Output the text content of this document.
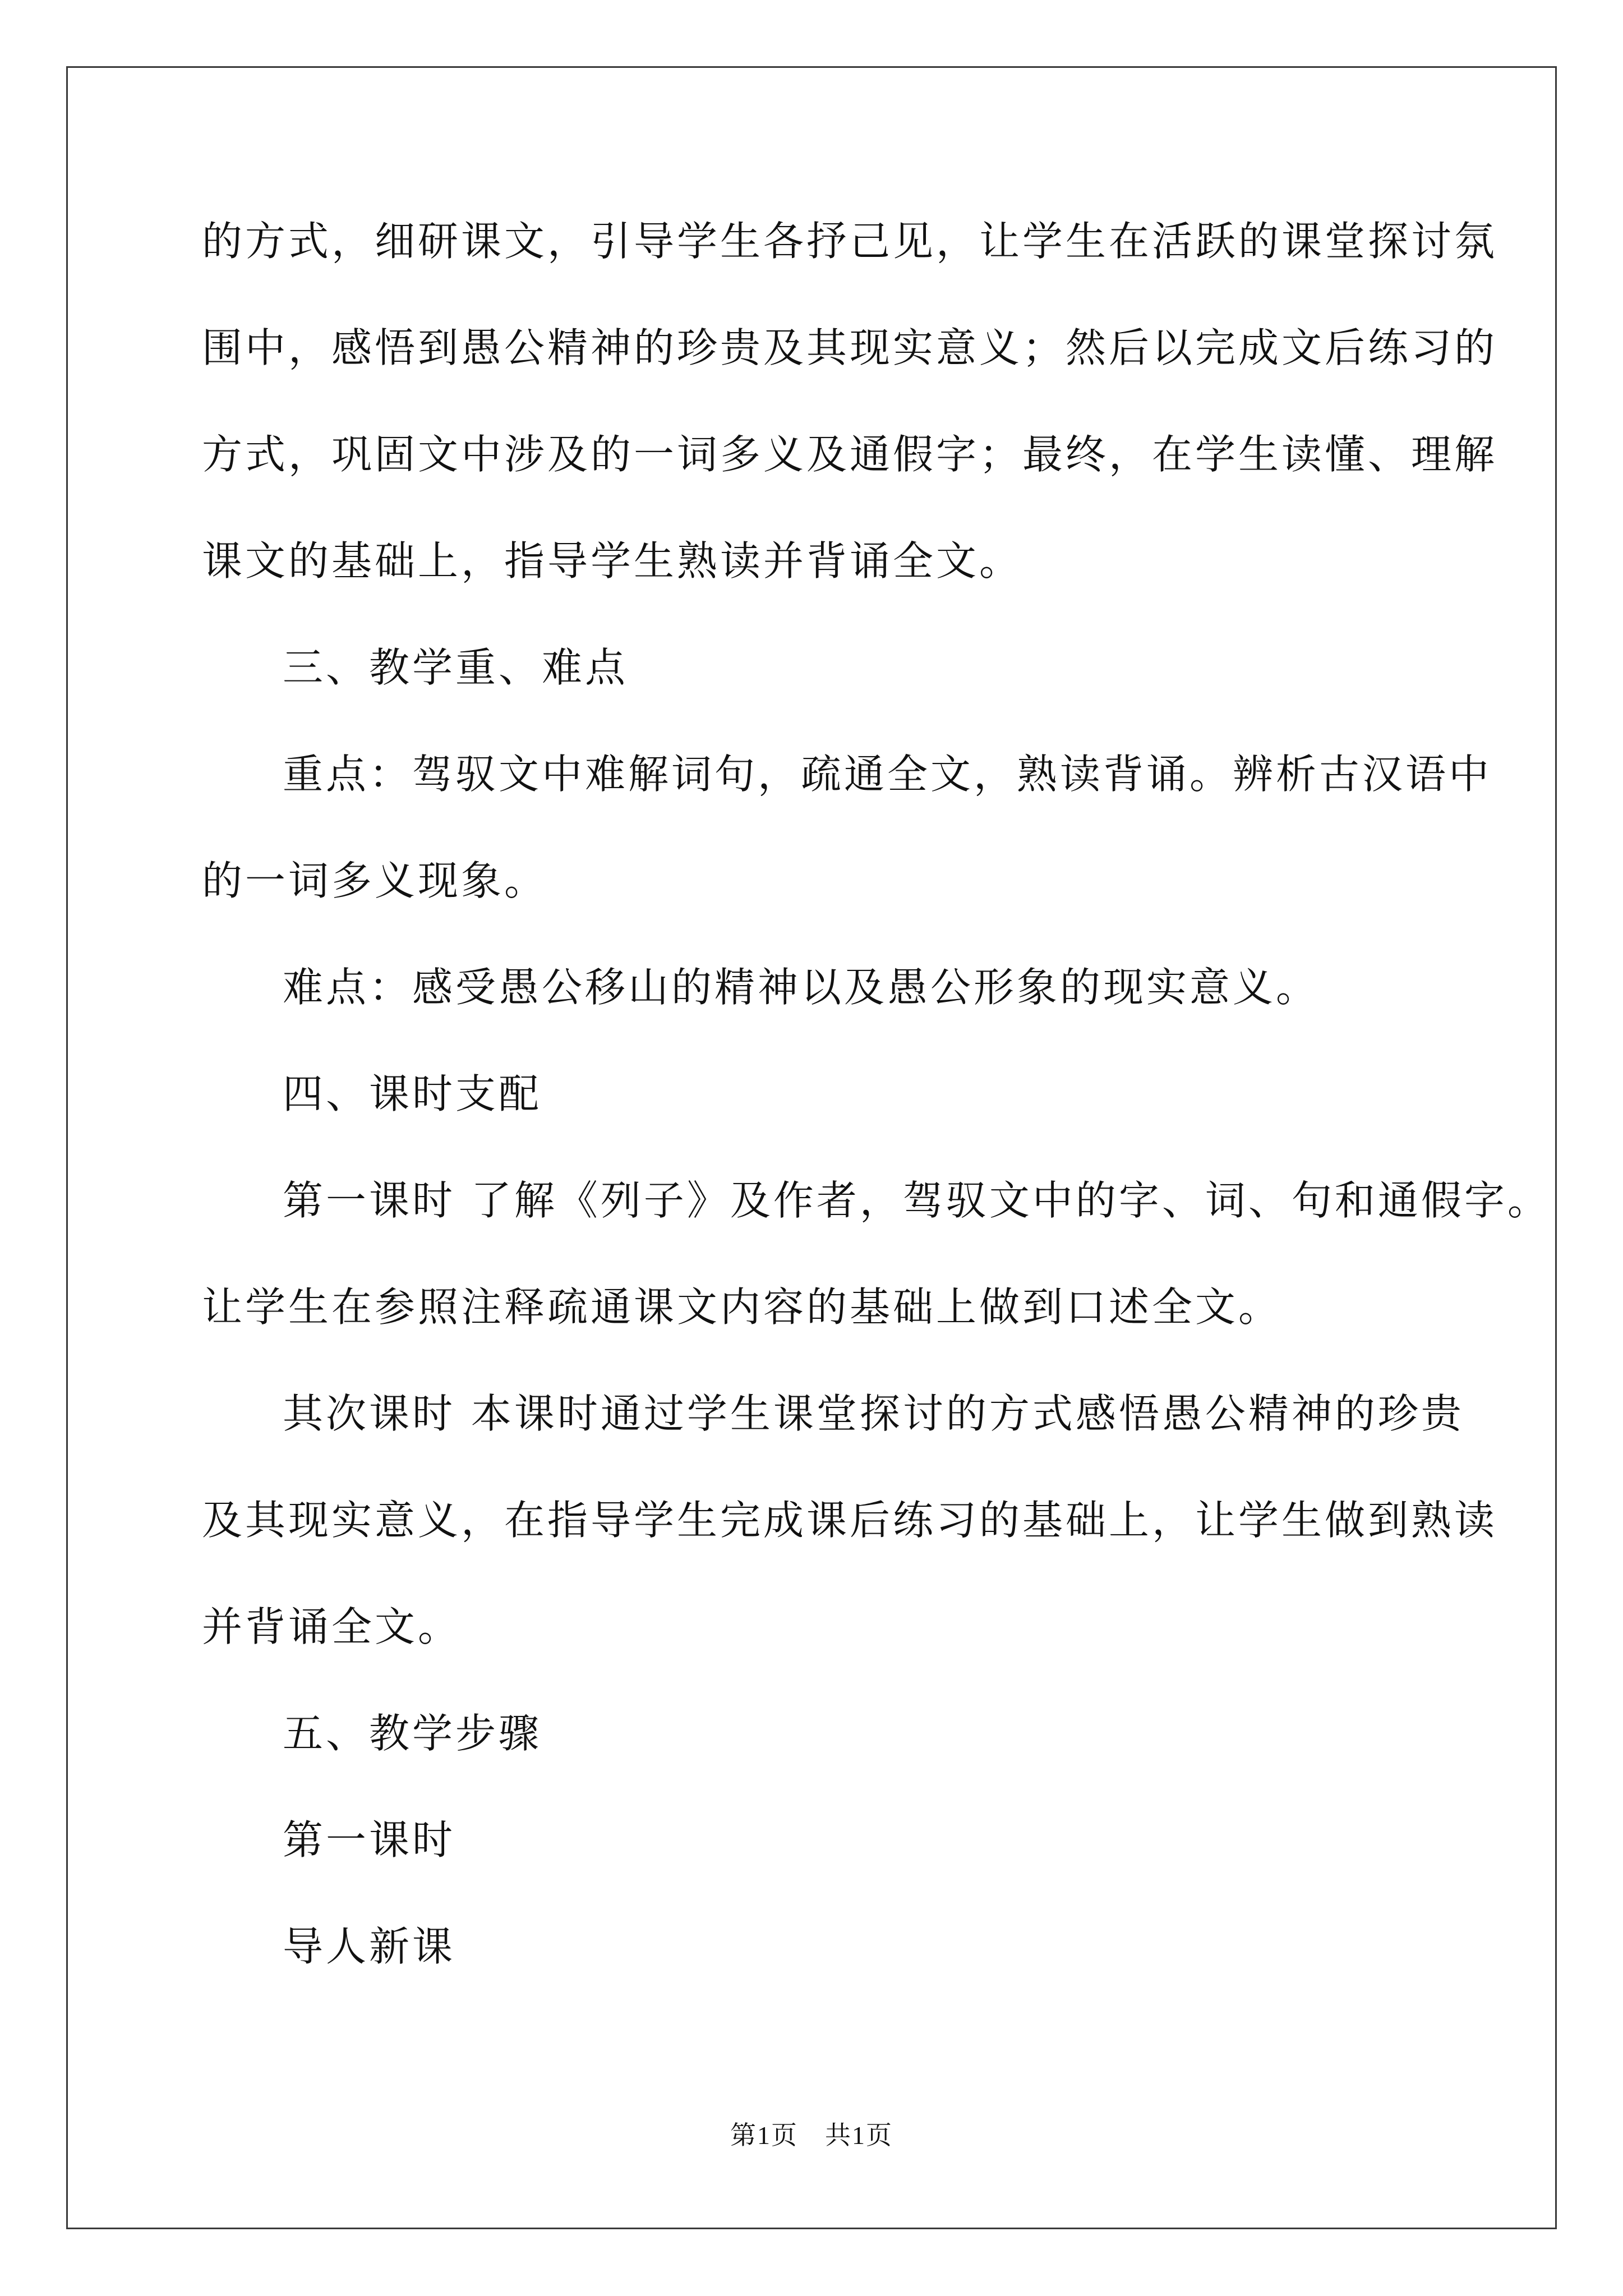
的方式，细研课文，引导学生各抒己见，让学生在活跃的课堂探讨氛
围中，感悟到愚公精神的珍贵及其现实意义；然后以完成文后练习的
方式，巩固文中涉及的一词多义及通假字；最终，在学生读懂、理解
课文的基础上，指导学生熟读并背诵全文。
三、教学重、难点
重点：驾驭文中难解词句，疏通全文，熟读背诵。辨析古汉语中
的一词多义现象。
难点：感受愚公移山的精神以及愚公形象的现实意义。
四、课时支配
第一课时 了解《列子》及作者，驾驭文中的字、词、句和通假字。
让学生在参照注释疏通课文内容的基础上做到口述全文。
其次课时 本课时通过学生课堂探讨的方式感悟愚公精神的珍贵
及其现实意义，在指导学生完成课后练习的基础上，让学生做到熟读
并背诵全文。
五、教学步骤
第一课时
导人新课
第1页　共1页
